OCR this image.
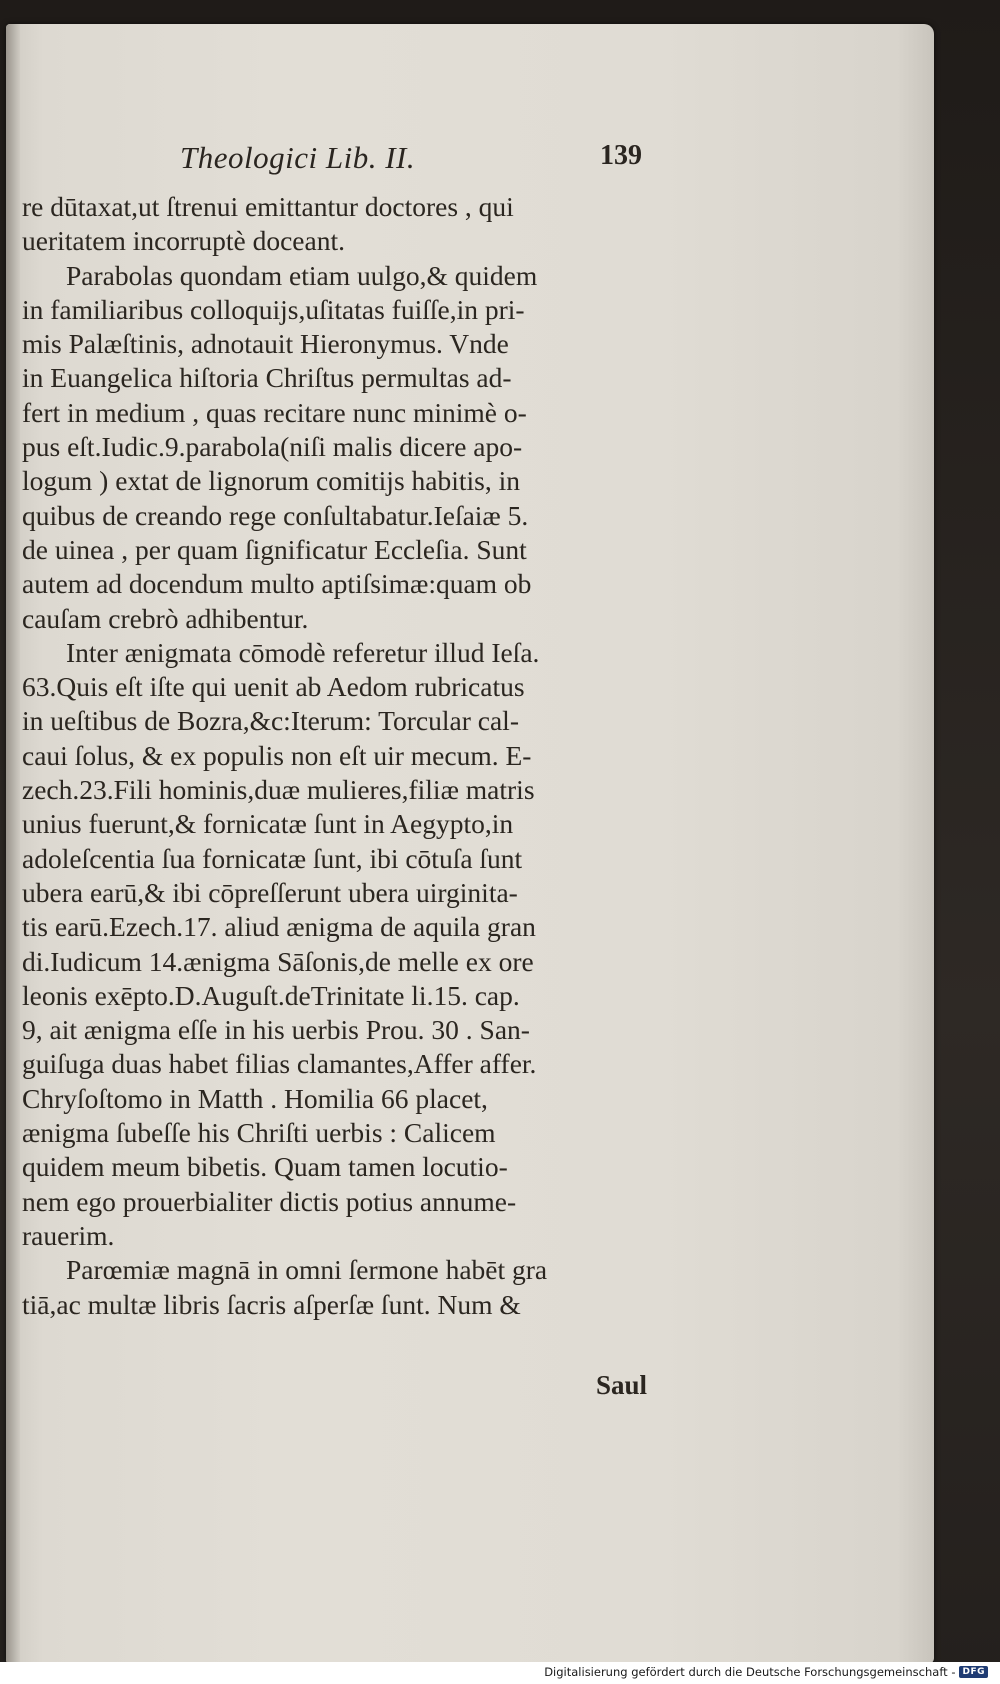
Theologici Lib. II.	139
re dūtaxat,ut ſtrenui emittantur doctores , qui
ueritatem incorruptè doceant.
Parabolas quondam etiam uulgo,& quidem
in familiaribus colloquijs,uſitatas fuiſſe,in pri-
mis Palæſtinis, adnotauit Hieronymus. Vnde
in Euangelica hiſtoria Chriſtus permultas ad-
fert in medium , quas recitare nunc minimè o-
pus eſt.Iudic.9.parabola(niſi malis dicere apo-
logum ) extat de lignorum comitijs habitis, in
quibus de creando rege conſultabatur.Ieſaiæ 5.
de uinea , per quam ſignificatur Eccleſia. Sunt
autem ad docendum multo aptiſsimæ:quam ob
cauſam crebrò adhibentur.
Inter ænigmata cōmodè referetur illud Ieſa.
63.Quis eſt iſte qui uenit ab Aedom rubricatus
in ueſtibus de Bozra,&c:Iterum: Torcular cal-
caui ſolus, & ex populis non eſt uir mecum. E-
zech.23.Fili hominis,duæ mulieres,filiæ matris
unius fuerunt,& fornicatæ ſunt in Aegypto,in
adoleſcentia ſua fornicatæ ſunt, ibi cōtuſa ſunt
ubera earū,& ibi cōpreſſerunt ubera uirginita-
tis earū.Ezech.17. aliud ænigma de aquila gran
di.Iudicum 14.ænigma Sāſonis,de melle ex ore
leonis exēpto.D.Auguſt.deTrinitate li.15. cap.
9, ait ænigma eſſe in his uerbis Prou. 30 . San-
guiſuga duas habet filias clamantes,Affer affer.
Chryſoſtomo in Matth . Homilia 66 placet,
ænigma ſubeſſe his Chriſti uerbis : Calicem
quidem meum bibetis. Quam tamen locutio-
nem ego prouerbialiter dictis potius annume-
rauerim.
Parœmiæ magnā in omni ſermone habēt gra
tiā,ac multæ libris ſacris aſperſæ ſunt. Num &
Saul
Digitalisierung gefördert durch die Deutsche Forschungsgemeinschaft - DFG
